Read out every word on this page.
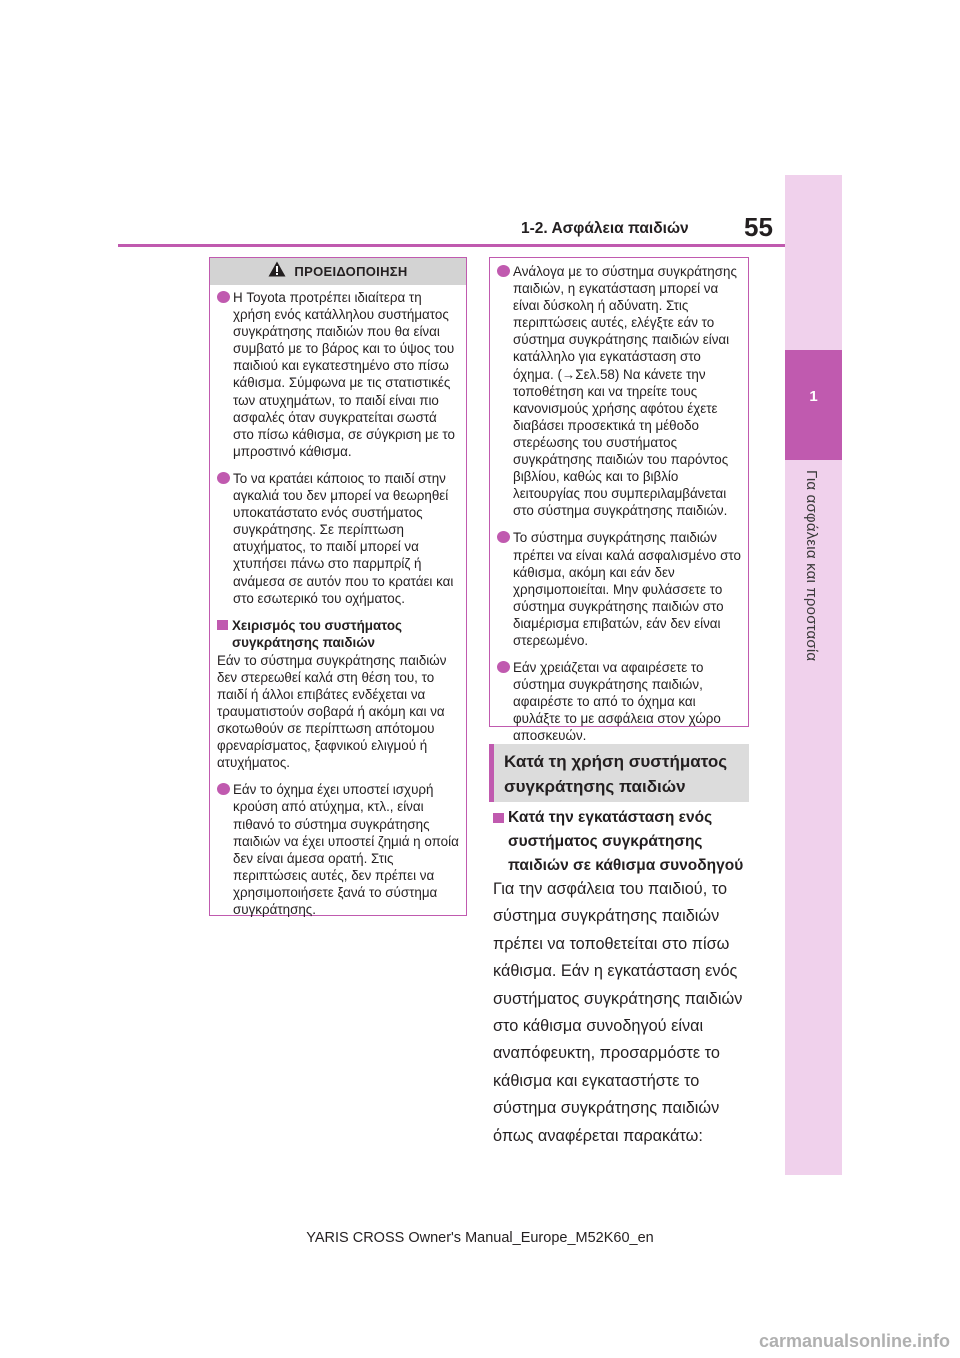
1
Για ασφάλεια και προστασία
55
1-2. Ασφάλεια παιδιών
ΠΡΟΕΙΔΟΠΟΙΗΣΗ
Η Toyota προτρέπει ιδιαίτερα τη χρήση ενός κατάλληλου συστήματος συγκράτησης παιδιών που θα είναι συμβατό με το βάρος και το ύψος του παιδιού και εγκατεστημένο στο πίσω κάθισμα. Σύμφωνα με τις στατιστικές των ατυχημάτων, το παιδί είναι πιο ασφαλές όταν συγκρατείται σωστά στο πίσω κάθισμα, σε σύγκριση με το μπροστινό κάθισμα.
Το να κρατάει κάποιος το παιδί στην αγκαλιά του δεν μπορεί να θεωρηθεί υποκατάστατο ενός συστήματος συγκράτησης. Σε περίπτωση ατυχήματος, το παιδί μπορεί να χτυπήσει πάνω στο παρμπρίζ ή ανάμεσα σε αυτόν που το κρατάει και στο εσωτερικό του οχήματος.
Χειρισμός του συστήματος συγκράτησης παιδιών
Εάν το σύστημα συγκράτησης παιδιών δεν στερεωθεί καλά στη θέση του, το παιδί ή άλλοι επιβάτες ενδέχεται να τραυματιστούν σοβαρά ή ακόμη και να σκοτωθούν σε περίπτωση απότομου φρεναρίσματος, ξαφνικού ελιγμού ή ατυχήματος.
Εάν το όχημα έχει υποστεί ισχυρή κρούση από ατύχημα, κτλ., είναι πιθανό το σύστημα συγκράτησης παιδιών να έχει υποστεί ζημιά η οποία δεν είναι άμεσα ορατή. Στις περιπτώσεις αυτές, δεν πρέπει να χρησιμοποιήσετε ξανά το σύστημα συγκράτησης.
Ανάλογα με το σύστημα συγκράτησης παιδιών, η εγκατάσταση μπορεί να είναι δύσκολη ή αδύνατη. Στις περιπτώσεις αυτές, ελέγξτε εάν το σύστημα συγκράτησης παιδιών είναι κατάλληλο για εγκατάσταση στο όχημα. (→Σελ.58) Να κάνετε την τοποθέτηση και να τηρείτε τους κανονισμούς χρήσης αφότου έχετε διαβάσει προσεκτικά τη μέθοδο στερέωσης του συστήματος συγκράτησης παιδιών του παρόντος βιβλίου, καθώς και το βιβλίο λειτουργίας που συμπεριλαμβάνεται στο σύστημα συγκράτησης παιδιών.
Το σύστημα συγκράτησης παιδιών πρέπει να είναι καλά ασφαλισμένο στο κάθισμα, ακόμη και εάν δεν χρησιμοποιείται. Μην φυλάσσετε το σύστημα συγκράτησης παιδιών στο διαμέρισμα επιβατών, εάν δεν είναι στερεωμένο.
Εάν χρειάζεται να αφαιρέσετε το σύστημα συγκράτησης παιδιών, αφαιρέστε το από το όχημα και φυλάξτε το με ασφάλεια στον χώρο αποσκευών.
Κατά τη χρήση συστήματος συγκράτησης παιδιών
Κατά την εγκατάσταση ενός συστήματος συγκράτησης παιδιών σε κάθισμα συνοδηγού
Για την ασφάλεια του παιδιού, το σύστημα συγκράτησης παιδιών πρέπει να τοποθετείται στο πίσω κάθισμα. Εάν η εγκατάσταση ενός συστήματος συγκράτησης παιδιών στο κάθισμα συνοδηγού είναι αναπόφευκτη, προσαρμόστε το κάθισμα και εγκαταστήστε το σύστημα συγκράτησης παιδιών όπως αναφέρεται παρακάτω:
YARIS CROSS Owner's Manual_Europe_M52K60_en
carmanualsonline.info
